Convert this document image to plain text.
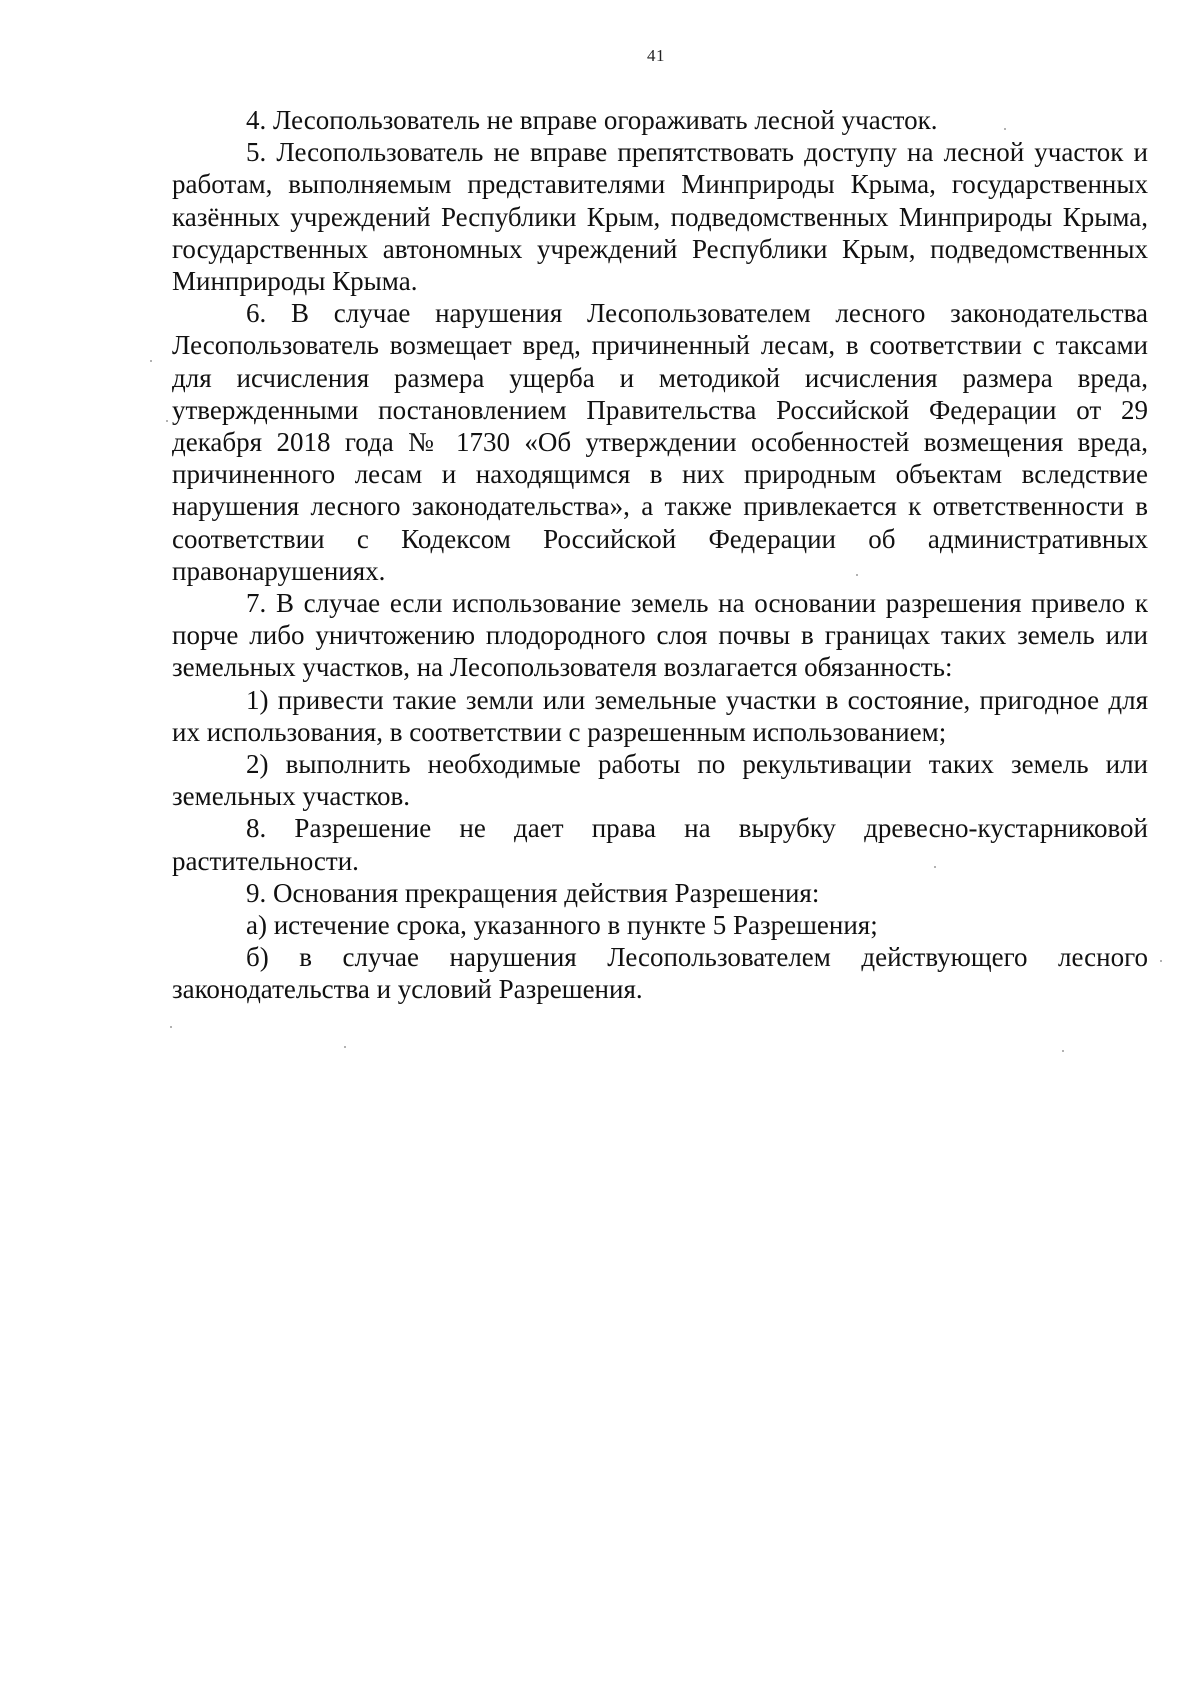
41

4. Лесопользователь не вправе огораживать лесной участок.

5. Лесопользователь не вправе препятствовать доступу на лесной участок и работам, выполняемым представителями Минприроды Крыма, государственных казённых учреждений Республики Крым, подведомственных Минприроды Крыма, государственных автономных учреждений Республики Крым, подведомственных Минприроды Крыма.

6. В случае нарушения Лесопользователем лесного законодательства Лесопользователь возмещает вред, причиненный лесам, в соответствии с таксами для исчисления размера ущерба и методикой исчисления размера вреда, утвержденными постановлением Правительства Российской Федерации от 29 декабря 2018 года № 1730 «Об утверждении особенностей возмещения вреда, причиненного лесам и находящимся в них природным объектам вследствие нарушения лесного законодательства», а также привлекается к ответственности в соответствии с Кодексом Российской Федерации об административных правонарушениях.

7. В случае если использование земель на основании разрешения привело к порче либо уничтожению плодородного слоя почвы в границах таких земель или земельных участков, на Лесопользователя возлагается обязанность:

1) привести такие земли или земельные участки в состояние, пригодное для их использования, в соответствии с разрешенным использованием;

2) выполнить необходимые работы по рекультивации таких земель или земельных участков.

8. Разрешение не дает права на вырубку древесно-кустарниковой растительности.

9. Основания прекращения действия Разрешения:

а) истечение срока, указанного в пункте 5 Разрешения;

б) в случае нарушения Лесопользователем действующего лесного законодательства и условий Разрешения.
